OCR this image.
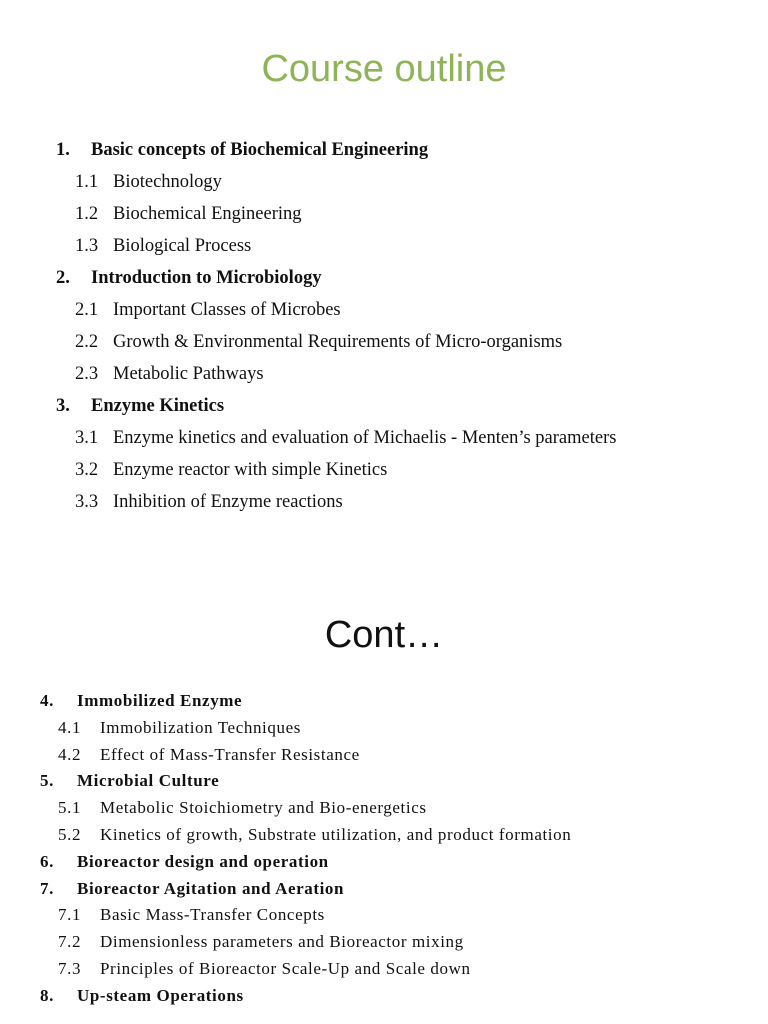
Course outline
1. Basic concepts of Biochemical Engineering
1.1 Biotechnology
1.2 Biochemical Engineering
1.3 Biological Process
2. Introduction to Microbiology
2.1 Important Classes of Microbes
2.2 Growth & Environmental Requirements of Micro-organisms
2.3 Metabolic Pathways
3. Enzyme Kinetics
3.1 Enzyme kinetics and evaluation of Michaelis - Menten’s parameters
3.2 Enzyme reactor with simple Kinetics
3.3 Inhibition of Enzyme reactions
Cont…
4. Immobilized Enzyme
4.1 Immobilization Techniques
4.2 Effect of Mass-Transfer Resistance
5. Microbial Culture
5.1 Metabolic Stoichiometry and Bio-energetics
5.2 Kinetics of growth, Substrate utilization, and product formation
6. Bioreactor design and operation
7. Bioreactor Agitation and Aeration
7.1 Basic Mass-Transfer Concepts
7.2 Dimensionless parameters and Bioreactor mixing
7.3 Principles of Bioreactor Scale-Up and Scale down
8. Up-steam Operations
